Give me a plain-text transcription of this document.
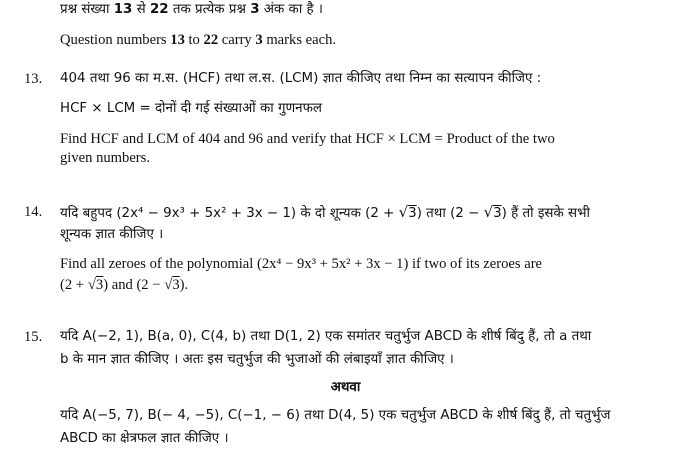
प्रश्न संख्या 13 से 22 तक प्रत्येक प्रश्न 3 अंक का है ।
Question numbers 13 to 22 carry 3 marks each.
13. 404 तथा 96 का म.स. (HCF) तथा ल.स. (LCM) ज्ञात कीजिए तथा निम्न का सत्यापन कीजिए :
HCF × LCM = दोनों दी गई संख्याओं का गुणनफल
Find HCF and LCM of 404 and 96 and verify that HCF × LCM = Product of the two
given numbers.
14. यदि बहुपद (2x⁴ − 9x³ + 5x² + 3x − 1) के दो शून्यक (2 + √3) तथा (2 − √3) हैं तो इसके सभी
शून्यक ज्ञात कीजिए ।
Find all zeroes of the polynomial (2x⁴ − 9x³ + 5x² + 3x − 1) if two of its zeroes are
(2 + √3) and (2 − √3).
15. यदि A(−2, 1), B(a, 0), C(4, b) तथा D(1, 2) एक समांतर चतुर्भुज ABCD के शीर्ष बिंदु हैं, तो a तथा
b के मान ज्ञात कीजिए । अतः इस चतुर्भुज की भुजाओं की लंबाइयाँ ज्ञात कीजिए ।
अथवा
यदि A(−5, 7), B(− 4, −5), C(−1, − 6) तथा D(4, 5) एक चतुर्भुज ABCD के शीर्ष बिंदु हैं, तो चतुर्भुज
ABCD का क्षेत्रफल ज्ञात कीजिए ।
